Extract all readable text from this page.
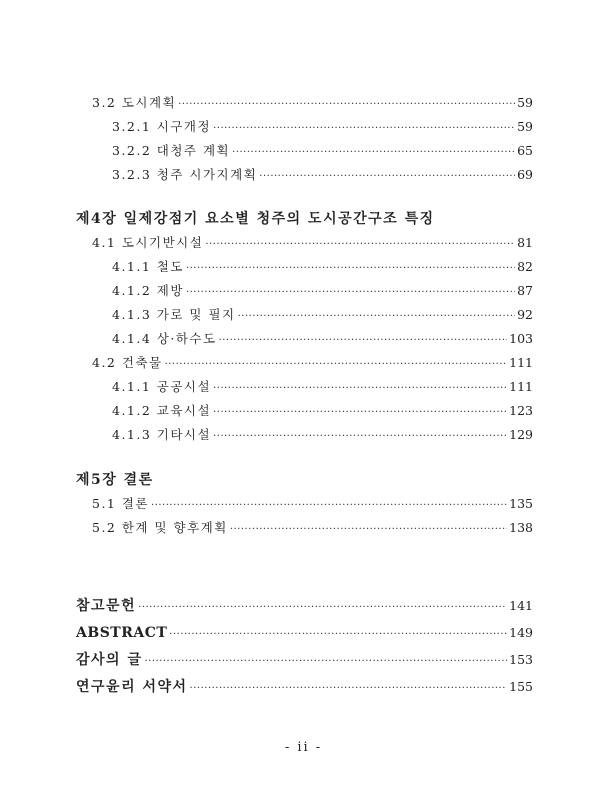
3.2 도시계획 ·····	59
3.2.1 시구개정 ·····	59
3.2.2 대청주 계획 ·····	65
3.2.3 청주 시가지계획 ·····	69
제4장 일제강점기 요소별 청주의 도시공간구조 특징
4.1 도시기반시설 ·····	81
4.1.1 철도 ·····	82
4.1.2 제방 ·····	87
4.1.3 가로 및 필지 ·····	92
4.1.4 상·하수도 ·····	103
4.2 건축물 ·····	111
4.1.1 공공시설 ·····	111
4.1.2 교육시설 ·····	123
4.1.3 기타시설 ·····	129
제5장 결론
5.1 결론 ·····	135
5.2 한계 및 향후계획 ·····	138
참고문헌 ·····	141
ABSTRACT ·····	149
감사의 글 ·····	153
연구윤리 서약서 ·····	155
- ii -
